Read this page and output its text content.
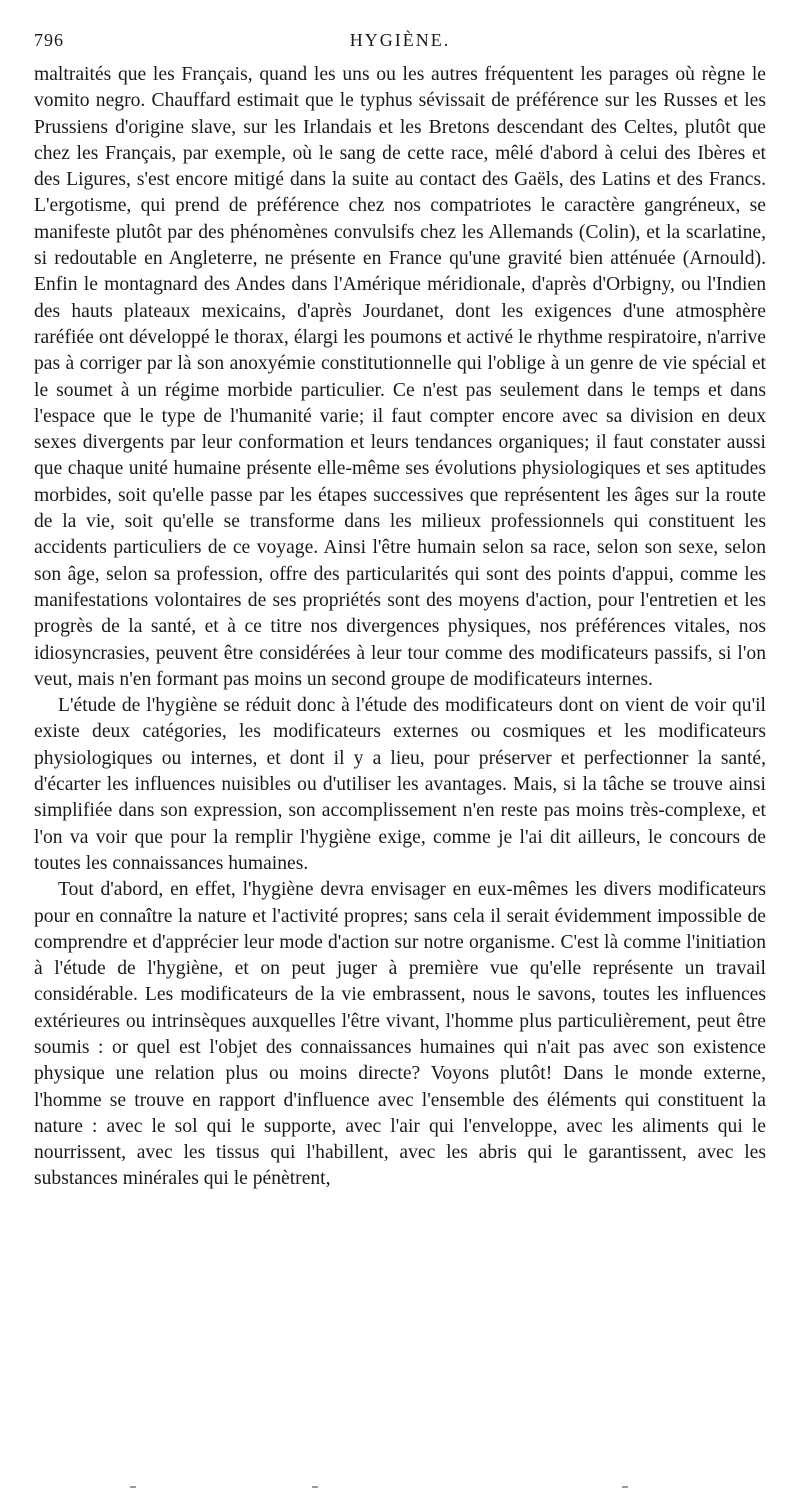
796	HYGIÈNE.

maltraités que les Français, quand les uns ou les autres fréquentent les parages où règne le vomito negro. Chauffard estimait que le typhus sévissait de préférence sur les Russes et les Prussiens d'origine slave, sur les Irlandais et les Bretons descendant des Celtes, plutôt que chez les Français, par exemple, où le sang de cette race, mêlé d'abord à celui des Ibères et des Ligures, s'est encore mitigé dans la suite au contact des Gaëls, des Latins et des Francs. L'ergotisme, qui prend de préférence chez nos compatriotes le caractère gangréneux, se manifeste plutôt par des phénomènes convulsifs chez les Allemands (Colin), et la scarlatine, si redoutable en Angleterre, ne présente en France qu'une gravité bien atténuée (Arnould). Enfin le montagnard des Andes dans l'Amérique méridionale, d'après d'Orbigny, ou l'Indien des hauts plateaux mexicains, d'après Jourdanet, dont les exigences d'une atmosphère raréfiée ont développé le thorax, élargi les poumons et activé le rhythme respiratoire, n'arrive pas à corriger par là son anoxyémie constitutionnelle qui l'oblige à un genre de vie spécial et le soumet à un régime morbide particulier. Ce n'est pas seulement dans le temps et dans l'espace que le type de l'humanité varie; il faut compter encore avec sa division en deux sexes divergents par leur conformation et leurs tendances organiques; il faut constater aussi que chaque unité humaine présente elle-même ses évolutions physiologiques et ses aptitudes morbides, soit qu'elle passe par les étapes successives que représentent les âges sur la route de la vie, soit qu'elle se transforme dans les milieux professionnels qui constituent les accidents particuliers de ce voyage. Ainsi l'être humain selon sa race, selon son sexe, selon son âge, selon sa profession, offre des particularités qui sont des points d'appui, comme les manifestations volontaires de ses propriétés sont des moyens d'action, pour l'entretien et les progrès de la santé, et à ce titre nos divergences physiques, nos préférences vitales, nos idiosyncrasies, peuvent être considérées à leur tour comme des modificateurs passifs, si l'on veut, mais n'en formant pas moins un second groupe de modificateurs internes.

L'étude de l'hygiène se réduit donc à l'étude des modificateurs dont on vient de voir qu'il existe deux catégories, les modificateurs externes ou cosmiques et les modificateurs physiologiques ou internes, et dont il y a lieu, pour préserver et perfectionner la santé, d'écarter les influences nuisibles ou d'utiliser les avantages. Mais, si la tâche se trouve ainsi simplifiée dans son expression, son accomplissement n'en reste pas moins très-complexe, et l'on va voir que pour la remplir l'hygiène exige, comme je l'ai dit ailleurs, le concours de toutes les connaissances humaines.

Tout d'abord, en effet, l'hygiène devra envisager en eux-mêmes les divers modificateurs pour en connaître la nature et l'activité propres; sans cela il serait évidemment impossible de comprendre et d'apprécier leur mode d'action sur notre organisme. C'est là comme l'initiation à l'étude de l'hygiène, et on peut juger à première vue qu'elle représente un travail considérable. Les modificateurs de la vie embrassent, nous le savons, toutes les influences extérieures ou intrinsèques auxquelles l'être vivant, l'homme plus particulièrement, peut être soumis : or quel est l'objet des connaissances humaines qui n'ait pas avec son existence physique une relation plus ou moins directe? Voyons plutôt! Dans le monde externe, l'homme se trouve en rapport d'influence avec l'ensemble des éléments qui constituent la nature : avec le sol qui le supporte, avec l'air qui l'enveloppe, avec les aliments qui le nourrissent, avec les tissus qui l'habillent, avec les abris qui le garantissent, avec les substances minérales qui le pénètrent,
